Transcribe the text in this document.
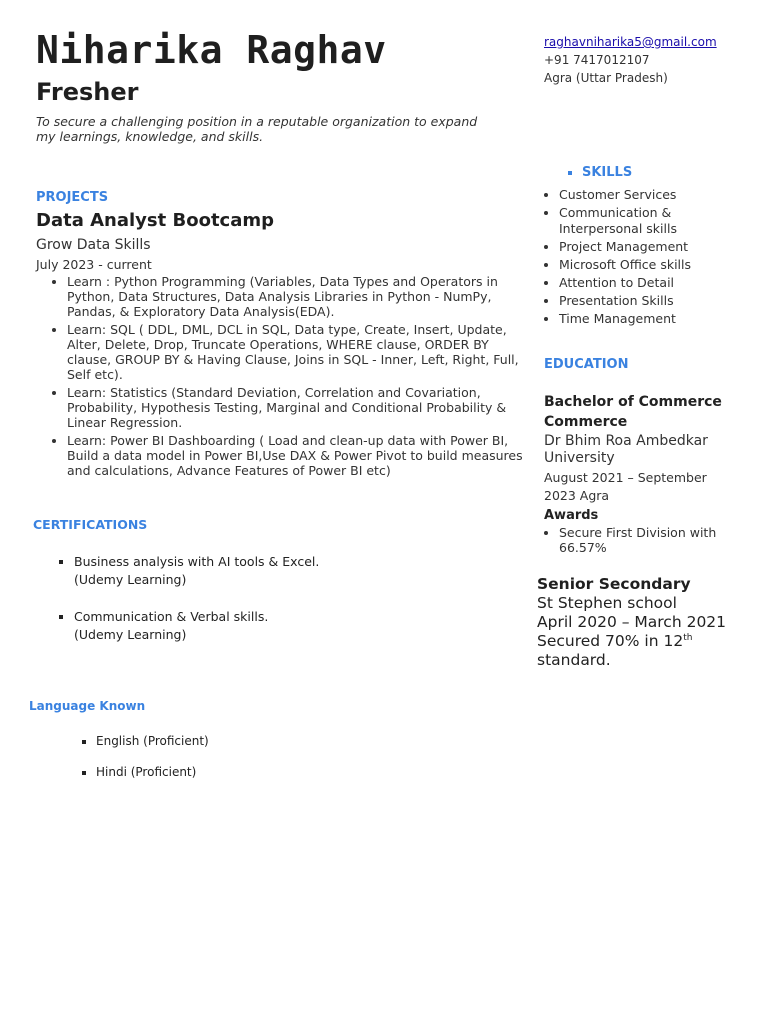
Niharika Raghav
Fresher
To secure a challenging position in a reputable organization to expand my learnings, knowledge, and skills.
raghavniharika5@gmail.com
+91 7417012107
Agra (Uttar Pradesh)
PROJECTS
Data Analyst Bootcamp
Grow Data Skills
July 2023 - current
• Learn : Python Programming (Variables, Data Types and Operators in Python, Data Structures, Data Analysis Libraries in Python - NumPy, Pandas, & Exploratory Data Analysis(EDA).
• Learn: SQL ( DDL, DML, DCL in SQL, Data type, Create, Insert, Update, Alter, Delete, Drop, Truncate Operations, WHERE clause, ORDER BY clause, GROUP BY & Having Clause, Joins in SQL - Inner, Left, Right, Full, Self etc).
• Learn: Statistics (Standard Deviation, Correlation and Covariation, Probability, Hypothesis Testing, Marginal and Conditional Probability & Linear Regression.
• Learn: Power BI Dashboarding ( Load and clean-up data with Power BI, Build a data model in Power BI,Use DAX & Power Pivot to build measures and calculations, Advance Features of Power BI etc)
CERTIFICATIONS
▪ Business analysis with AI tools & Excel.
(Udemy Learning)
▪ Communication & Verbal skills.
(Udemy Learning)
Language Known
▪ English (Proficient)
▪ Hindi (Proficient)
▪ SKILLS
• Customer Services
• Communication & Interpersonal skills
• Project Management
• Microsoft Office skills
• Attention to Detail
• Presentation Skills
• Time Management
EDUCATION
Bachelor of Commerce Commerce
Dr Bhim Roa Ambedkar University
August 2021 – September 2023 Agra
Awards
• Secure First Division with 66.57%
Senior Secondary
St Stephen school
April 2020 – March 2021
Secured 70% in 12th
standard.
